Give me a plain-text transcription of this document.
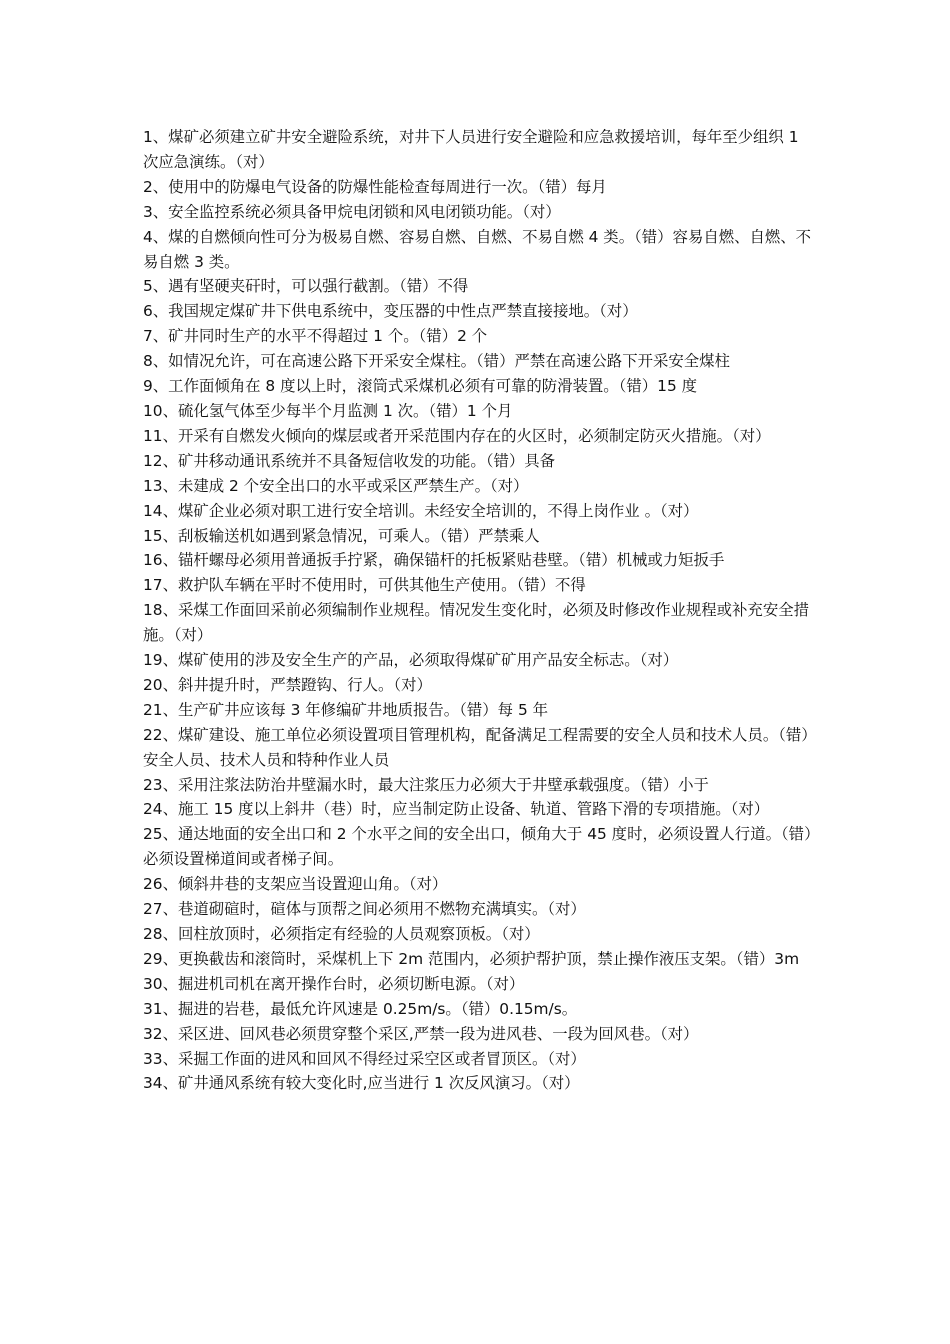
1、煤矿必须建立矿井安全避险系统，对井下人员进行安全避险和应急救援培训，每年至少组织 1 次应急演练。（对）

2、使用中的防爆电气设备的防爆性能检查每周进行一次。（错）每月

3、安全监控系统必须具备甲烷电闭锁和风电闭锁功能。（对）

4、煤的自燃倾向性可分为极易自燃、容易自燃、自燃、不易自燃 4 类。（错）容易自燃、自燃、不易自燃 3 类。

5、遇有坚硬夹矸时，可以强行截割。（错）不得

6、我国规定煤矿井下供电系统中，变压器的中性点严禁直接接地。（对）

7、矿井同时生产的水平不得超过 1 个。（错）2 个

8、如情况允许，可在高速公路下开采安全煤柱。（错）严禁在高速公路下开采安全煤柱

9、工作面倾角在 8 度以上时，滚筒式采煤机必须有可靠的防滑装置。（错）15 度

10、硫化氢气体至少每半个月监测 1 次。（错）1 个月

11、开采有自燃发火倾向的煤层或者开采范围内存在的火区时，必须制定防灭火措施。（对）

12、矿井移动通讯系统并不具备短信收发的功能。（错）具备

13、未建成 2 个安全出口的水平或采区严禁生产。（对）

14、煤矿企业必须对职工进行安全培训。未经安全培训的，不得上岗作业 。（对）

15、刮板输送机如遇到紧急情况，可乘人。（错）严禁乘人

16、锚杆螺母必须用普通扳手拧紧，确保锚杆的托板紧贴巷壁。（错）机械或力矩扳手

17、救护队车辆在平时不使用时，可供其他生产使用。（错）不得

18、采煤工作面回采前必须编制作业规程。情况发生变化时，必须及时修改作业规程或补充安全措施。（对）

19、煤矿使用的涉及安全生产的产品，必须取得煤矿矿用产品安全标志。（对）

20、斜井提升时，严禁蹬钩、行人。（对）

21、生产矿井应该每 3 年修编矿井地质报告。（错）每 5 年

22、煤矿建设、施工单位必须设置项目管理机构，配备满足工程需要的安全人员和技术人员。（错）安全人员、技术人员和特种作业人员

23、采用注浆法防治井壁漏水时，最大注浆压力必须大于井壁承载强度。（错）小于

24、施工 15 度以上斜井（巷）时，应当制定防止设备、轨道、管路下滑的专项措施。（对）

25、通达地面的安全出口和 2 个水平之间的安全出口，倾角大于 45 度时，必须设置人行道。（错）必须设置梯道间或者梯子间。

26、倾斜井巷的支架应当设置迎山角。（对）

27、巷道砌碹时，碹体与顶帮之间必须用不燃物充满填实。（对）

28、回柱放顶时，必须指定有经验的人员观察顶板。（对）

29、更换截齿和滚筒时，采煤机上下 2m 范围内，必须护帮护顶，禁止操作液压支架。（错）3m

30、掘进机司机在离开操作台时，必须切断电源。（对）

31、掘进的岩巷，最低允许风速是 0.25m/s。（错）0.15m/s。

32、采区进、回风巷必须贯穿整个采区,严禁一段为进风巷、一段为回风巷。（对）

33、采掘工作面的进风和回风不得经过采空区或者冒顶区。（对）

34、矿井通风系统有较大变化时,应当进行 1 次反风演习。（对）
